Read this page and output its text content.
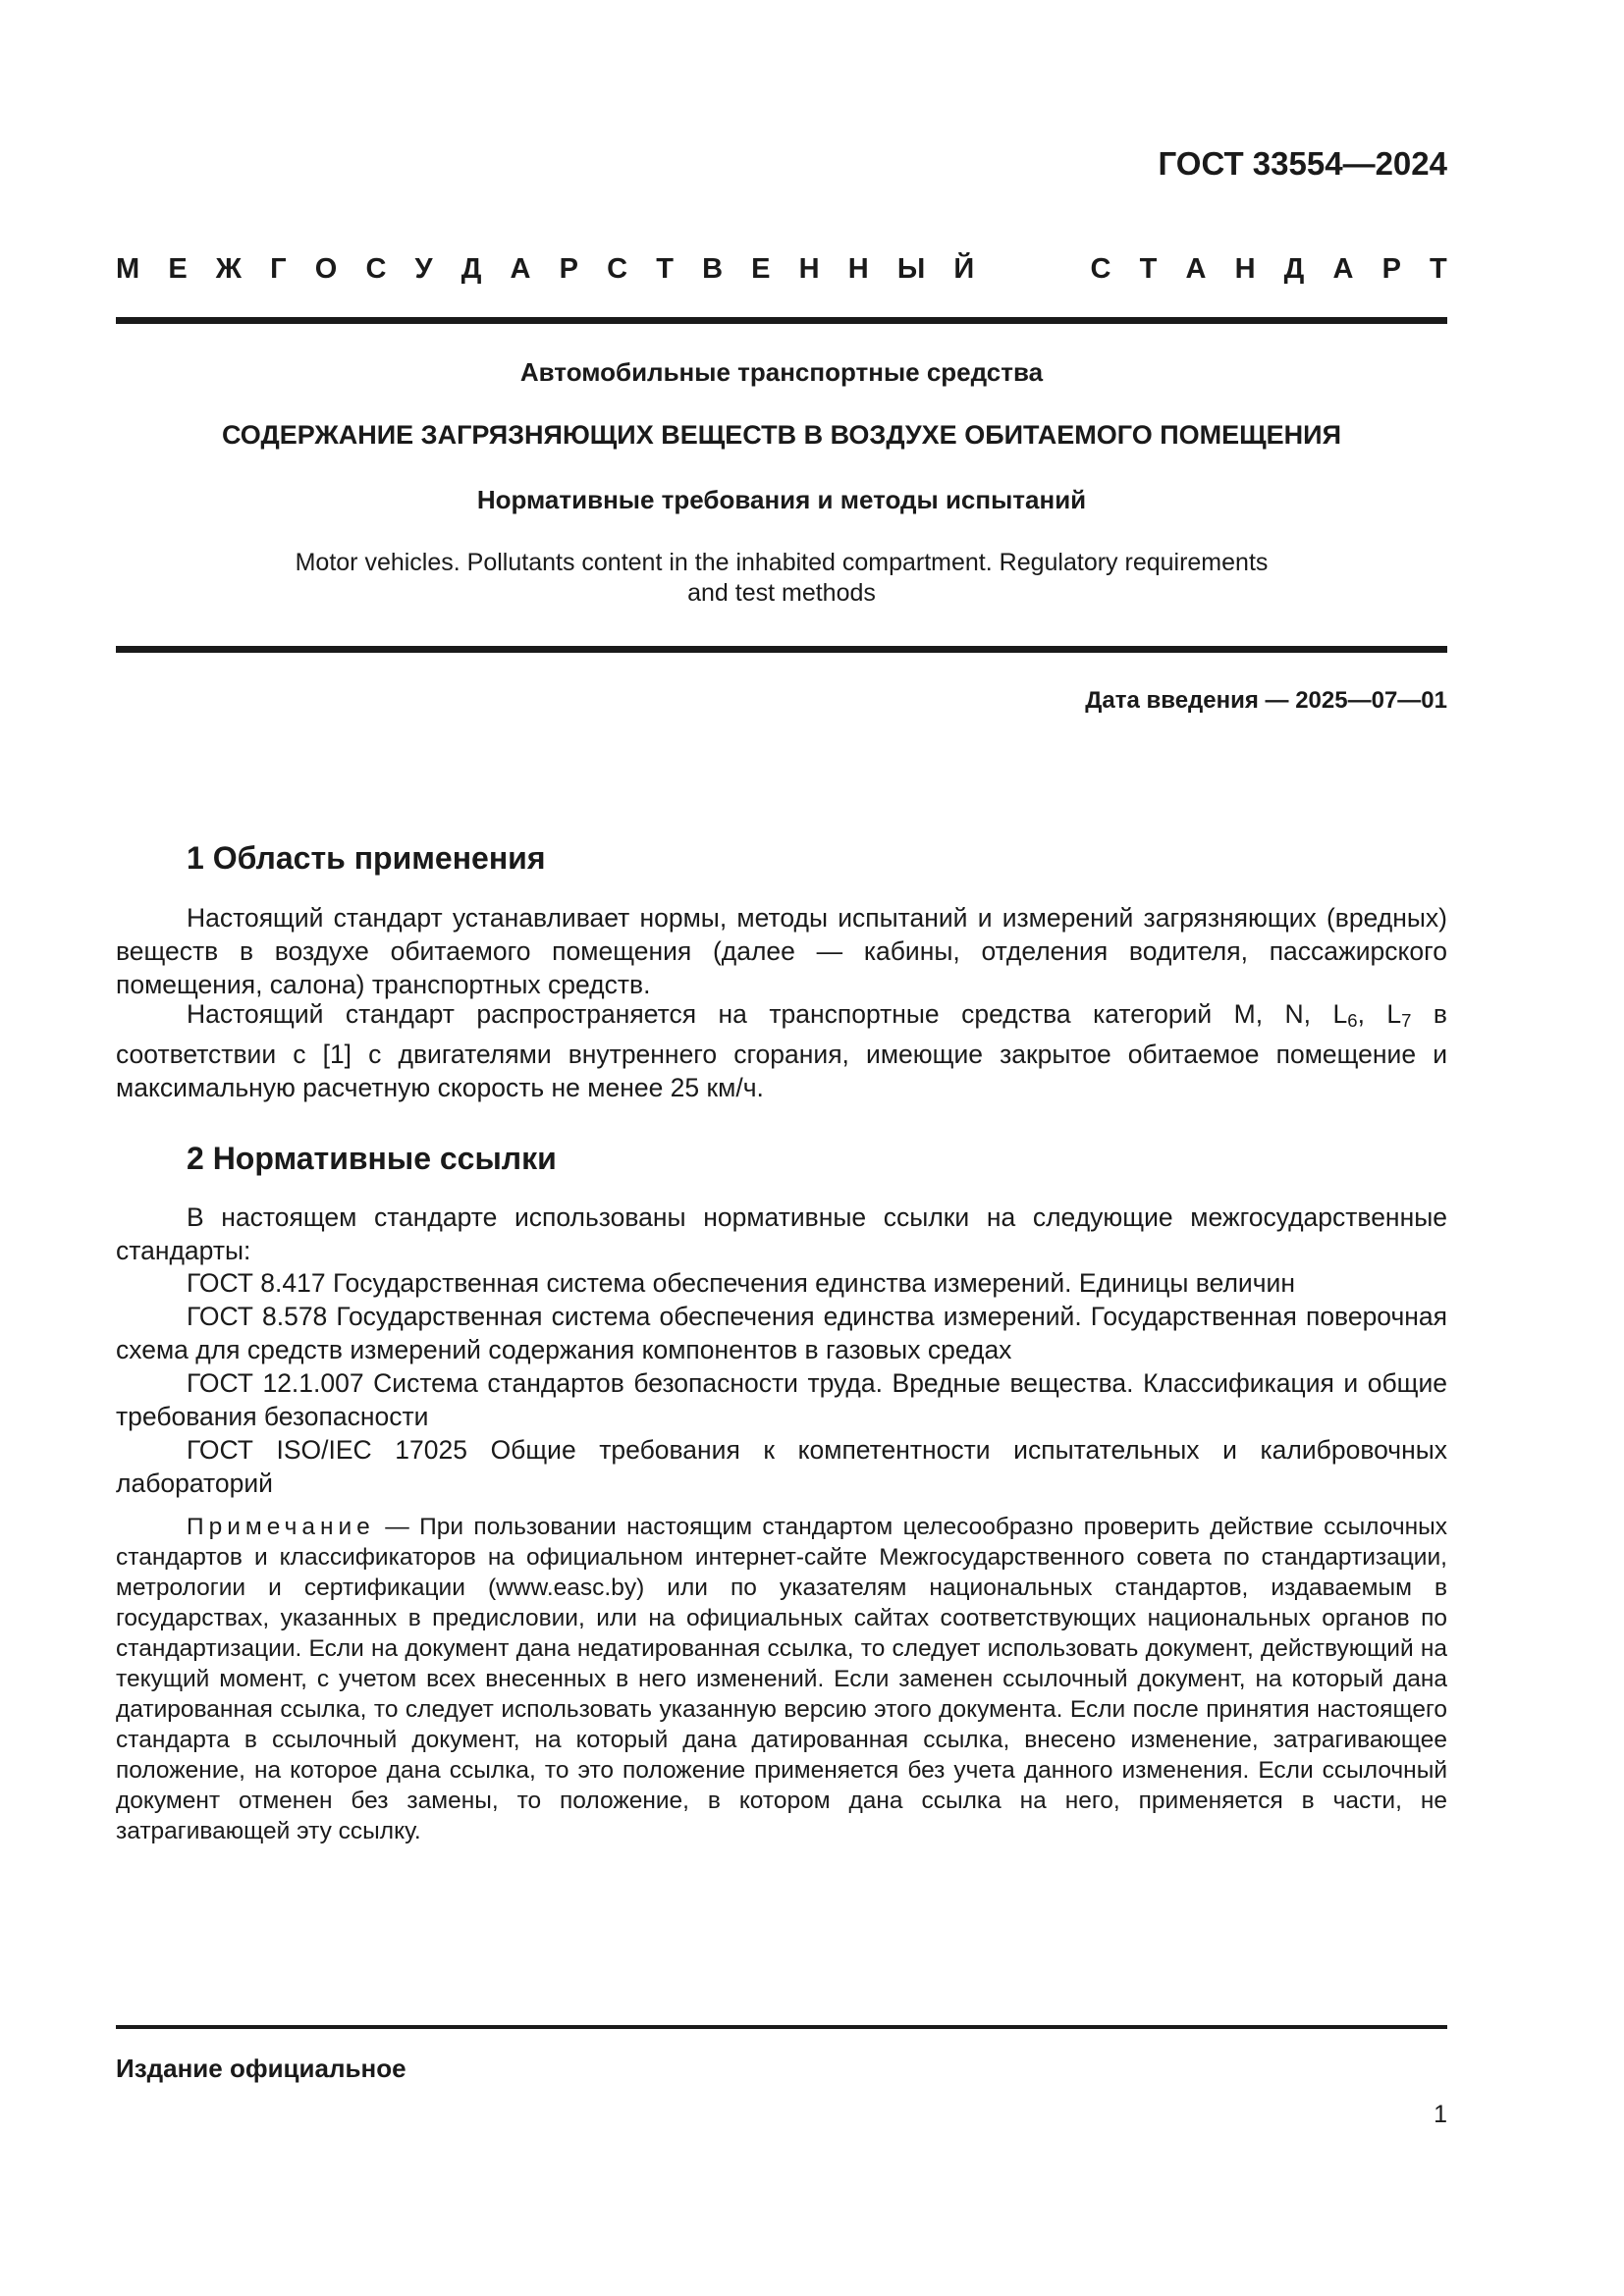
ГОСТ 33554—2024
М Е Ж Г О С У Д А Р С Т В Е Н Н Ы Й	С Т А Н Д А Р Т
Автомобильные транспортные средства
СОДЕРЖАНИЕ ЗАГРЯЗНЯЮЩИХ ВЕЩЕСТВ В ВОЗДУХЕ ОБИТАЕМОГО ПОМЕЩЕНИЯ
Нормативные требования и методы испытаний
Motor vehicles. Pollutants content in the inhabited compartment. Regulatory requirements
and test methods
Дата введения — 2025—07—01
1 Область применения

Настоящий стандарт устанавливает нормы, методы испытаний и измерений загрязняющих (вредных) веществ в воздухе обитаемого помещения (далее — кабины, отделения водителя, пассажирского помещения, салона) транспортных средств.

Настоящий стандарт распространяется на транспортные средства категорий M, N, $L_6$, $L_7$ в соответствии с [1] с двигателями внутреннего сгорания, имеющие закрытое обитаемое помещение и максимальную расчетную скорость не менее 25 км/ч.

2 Нормативные ссылки

В настоящем стандарте использованы нормативные ссылки на следующие межгосударственные стандарты:

ГОСТ 8.417 Государственная система обеспечения единства измерений. Единицы величин

ГОСТ 8.578 Государственная система обеспечения единства измерений. Государственная поверочная схема для средств измерений содержания компонентов в газовых средах

ГОСТ 12.1.007 Система стандартов безопасности труда. Вредные вещества. Классификация и общие требования безопасности

ГОСТ ISO/IEC 17025 Общие требования к компетентности испытательных и калибровочных лабораторий

Примечание — При пользовании настоящим стандартом целесообразно проверить действие ссылочных стандартов и классификаторов на официальном интернет-сайте Межгосударственного совета по стандартизации, метрологии и сертификации (www.easc.by) или по указателям национальных стандартов, издаваемым в государствах, указанных в предисловии, или на официальных сайтах соответствующих национальных органов по стандартизации. Если на документ дана недатированная ссылка, то следует использовать документ, действующий на текущий момент, с учетом всех внесенных в него изменений. Если заменен ссылочный документ, на который дана датированная ссылка, то следует использовать указанную версию этого документа. Если после принятия настоящего стандарта в ссылочный документ, на который дана датированная ссылка, внесено изменение, затрагивающее положение, на которое дана ссылка, то это положение применяется без учета данного изменения. Если ссылочный документ отменен без замены, то положение, в котором дана ссылка на него, применяется в части, не затрагивающей эту ссылку.
Издание официальное
1
